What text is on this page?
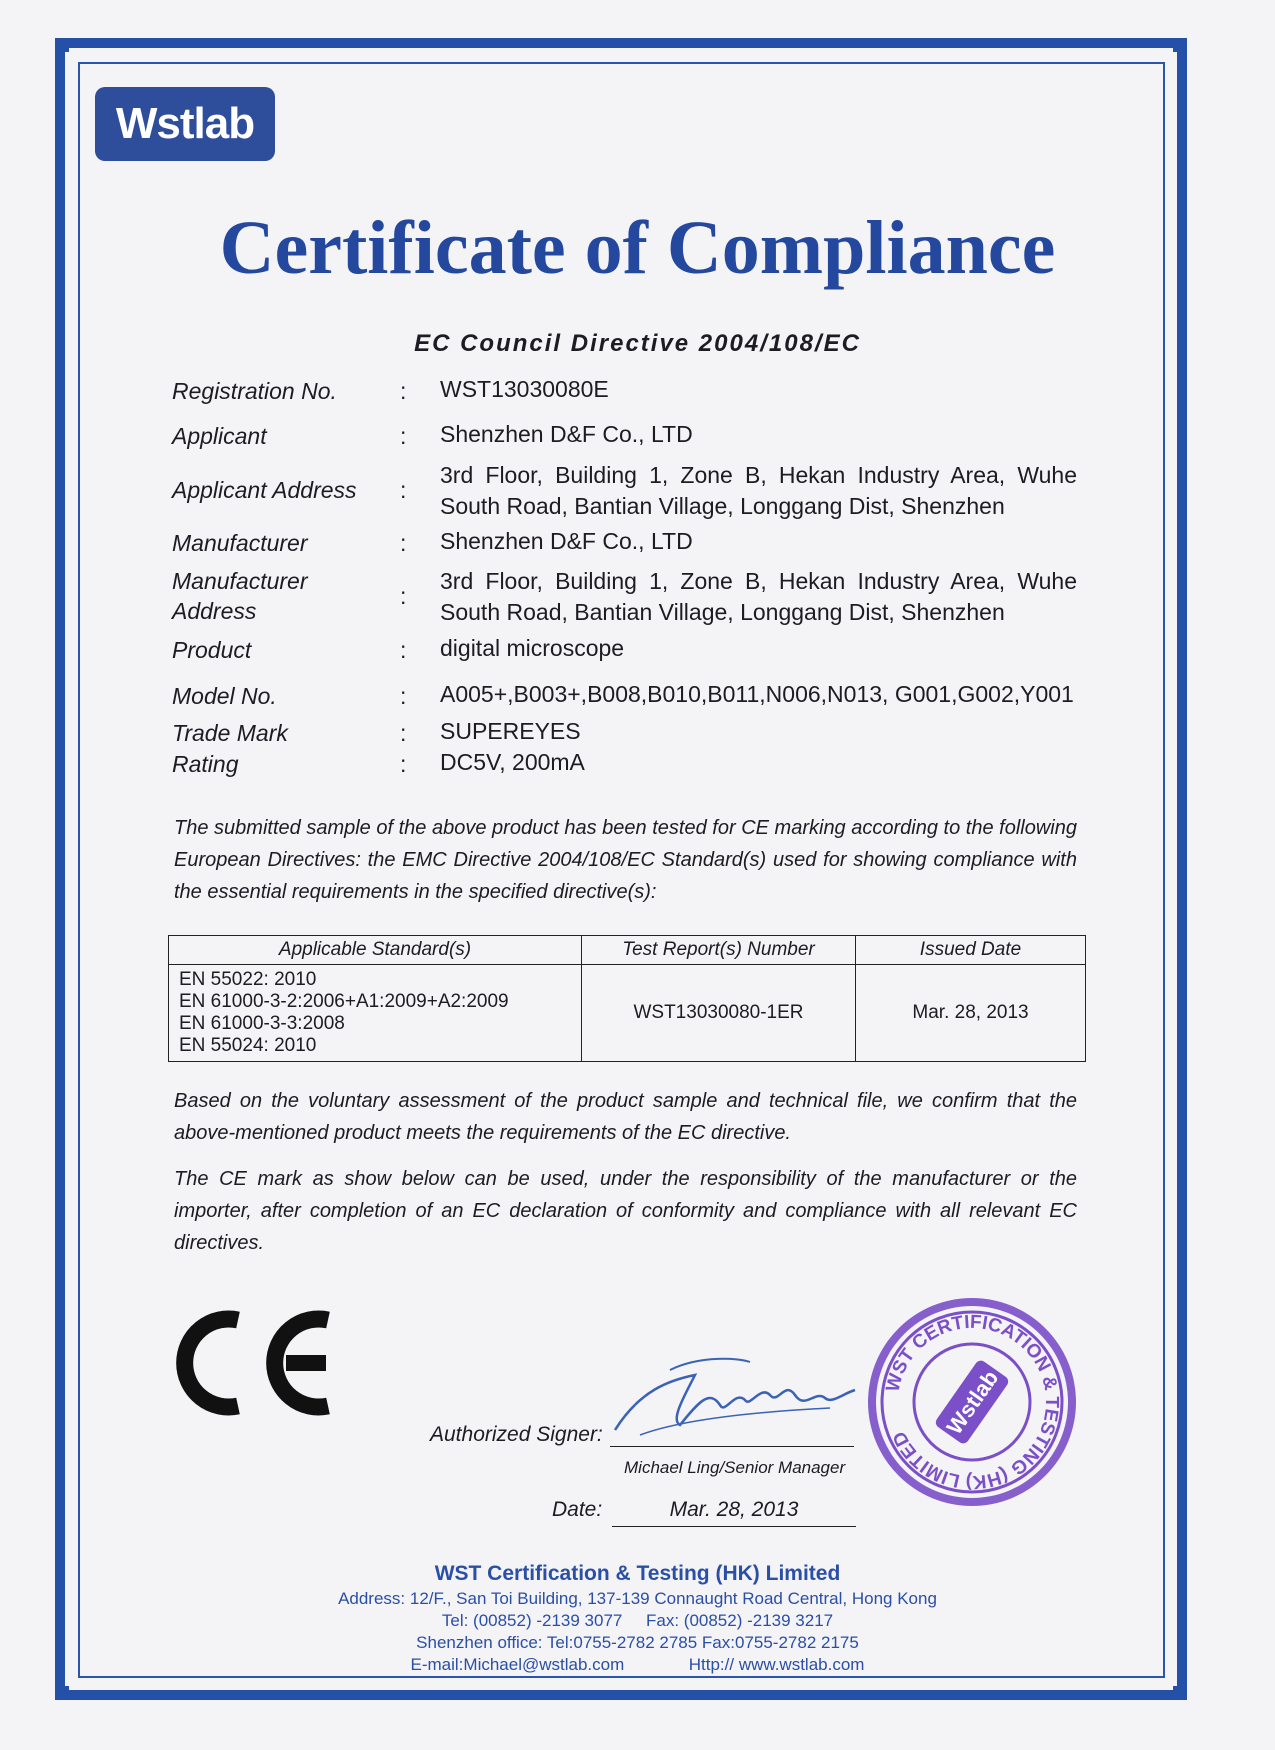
Wstlab
Certificate of Compliance
EC Council Directive 2004/108/EC
Registration No.	: WST13030080E
Applicant	: Shenzhen D&F Co., LTD
Applicant Address :
3rd Floor, Building 1, Zone B, Hekan Industry Area, Wuhe South Road, Bantian Village, Longgang Dist, Shenzhen
Manufacturer	: Shenzhen D&F Co., LTD
Manufacturer
Address
:
3rd Floor, Building 1, Zone B, Hekan Industry Area, Wuhe South Road, Bantian Village, Longgang Dist, Shenzhen
Product	: digital microscope
Model No.	: A005+,B003+,B008,B010,B011,N006,N013, G001,G002,Y001
Trade Mark	: SUPEREYES
Rating	: DC5V, 200mA
The submitted sample of the above product has been tested for CE marking according to the following European Directives: the EMC Directive 2004/108/EC Standard(s) used for showing compliance with the essential requirements in the specified directive(s):
Applicable Standard(s)	Test Report(s) Number	Issued Date

EN 55022: 2010
EN 61000-3-2:2006+A1:2009+A2:2009
EN 61000-3-3:2008
EN 55024: 2010	WST13030080-1ER	Mar. 28, 2013
Based on the voluntary assessment of the product sample and technical file, we confirm that the above-mentioned product meets the requirements of the EC directive.
The CE mark as show below can be used, under the responsibility of the manufacturer or the importer, after completion of an EC declaration of conformity and compliance with all relevant EC directives.
Authorized Signer:
Michael Ling/Senior Manager
Date:	Mar. 28, 2013
WST CERTIFICATION & TESTING (HK) LIMITED	Wstlab
WST Certification & Testing (HK) Limited
Address: 12/F., San Toi Building, 137-139 Connaught Road Central, Hong Kong
Tel: (00852) -2139 3077     Fax: (00852) -2139 3217
Shenzhen office: Tel:0755-2782 2785 Fax:0755-2782 2175
E-mail:Michael@wstlab.com	Http:// www.wstlab.com
